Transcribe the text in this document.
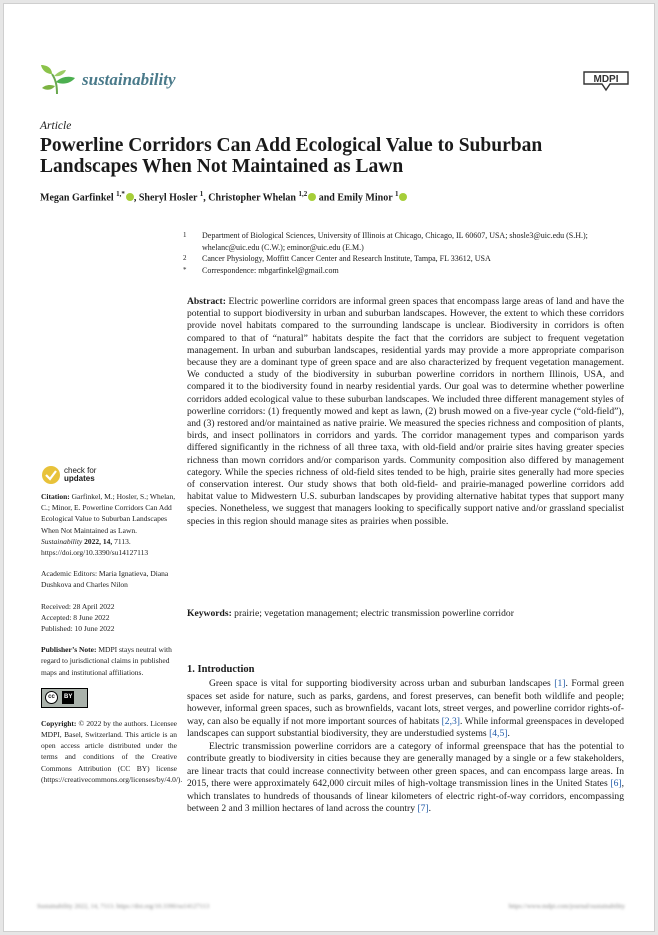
sustainability	MDPI
Article
Powerline Corridors Can Add Ecological Value to Suburban Landscapes When Not Maintained as Lawn
Megan Garfinkel $^{1,*}$ , Sheryl Hosler $^1$, Christopher Whelan $^{1,2}$ and Emily Minor $^1$
1 Department of Biological Sciences, University of Illinois at Chicago, Chicago, IL 60607, USA; shosle3@uic.edu (S.H.); whelanc@uic.edu (C.W.); eminor@uic.edu (E.M.)
2 Cancer Physiology, Moffitt Cancer Center and Research Institute, Tampa, FL 33612, USA
* Correspondence: mbgarfinkel@gmail.com
Abstract: Electric powerline corridors are informal green spaces that encompass large areas of land and have the potential to support biodiversity in urban and suburban landscapes. However, the extent to which these corridors provide novel habitats compared to the surrounding landscape is unclear. Biodiversity in corridors is often compared to that of “natural” habitats despite the fact that the corridors are subject to frequent vegetation management. In urban and suburban landscapes, residential yards may provide a more appropriate comparison because they are a dominant type of green space and are also characterized by frequent vegetation management. We conducted a study of the biodiversity in suburban powerline corridors in northern Illinois, USA, and compared it to the biodiversity found in nearby residential yards. Our goal was to determine whether powerline corridors added ecological value to these suburban landscapes. We included three different management styles of powerline corridors: (1) frequently mowed and kept as lawn, (2) brush mowed on a five-year cycle (“old-field”), and (3) restored and/or maintained as native prairie. We measured the species richness and composition of plants, birds, and insect pollinators in corridors and yards. The corridor management types and comparison yards differed significantly in the richness of all three taxa, with old-field and/or prairie sites having greater species richness than mown corridors and/or comparison yards. Community composition also differed by management category. While the species richness of old-field sites tended to be high, prairie sites generally had more species of conservation interest. Our study shows that both old-field- and prairie-managed powerline corridors add habitat value to Midwestern U.S. suburban landscapes by providing alternative habitat types that support many species. Nonetheless, we suggest that managers looking to specifically support native and/or grassland specialist species in this region should manage sites as prairies when possible.
Keywords: prairie; vegetation management; electric transmission powerline corridor
check for
updates

Citation: Garfinkel, M.; Hosler, S.; Whelan, C.; Minor, E. Powerline Corridors Can Add Ecological Value to Suburban Landscapes When Not Maintained as Lawn. Sustainability 2022, 14, 7113. https://doi.org/10.3390/su14127113

Academic Editors: Maria Ignatieva, Diana Dushkova and Charles Nilon

Received: 28 April 2022
Accepted: 8 June 2022
Published: 10 June 2022

Publisher’s Note: MDPI stays neutral with regard to jurisdictional claims in published maps and institutional affiliations.

cc	BY

Copyright: © 2022 by the authors. Licensee MDPI, Basel, Switzerland. This article is an open access article distributed under the terms and conditions of the Creative Commons Attribution (CC BY) license (https://creativecommons.org/licenses/by/4.0/).

1. Introduction

Green space is vital for supporting biodiversity across urban and suburban landscapes [1]. Formal green spaces set aside for nature, such as parks, gardens, and forest preserves, can benefit both wildlife and people; however, informal green spaces, such as brownfields, vacant lots, street verges, and powerline corridor rights-of-way, can also be equally if not more important sources of habitats [2,3]. While informal greenspaces in developed landscapes can support substantial biodiversity, they are understudied systems [4,5].

Electric transmission powerline corridors are a category of informal greenspace that has the potential to contribute greatly to biodiversity in cities because they are generally managed by a single or a few stakeholders, are linear tracts that could increase connectivity between other green spaces, and can encompass large areas. In 2015, there were approximately 642,000 circuit miles of high-voltage transmission lines in the United States [6], which translates to hundreds of thousands of linear kilometers of electric right-of-way corridors, encompassing between 2 and 3 million hectares of land across the country [7].

Sustainability 2022, 14, 7113. https://doi.org/10.3390/su14127113	https://www.mdpi.com/journal/sustainability
